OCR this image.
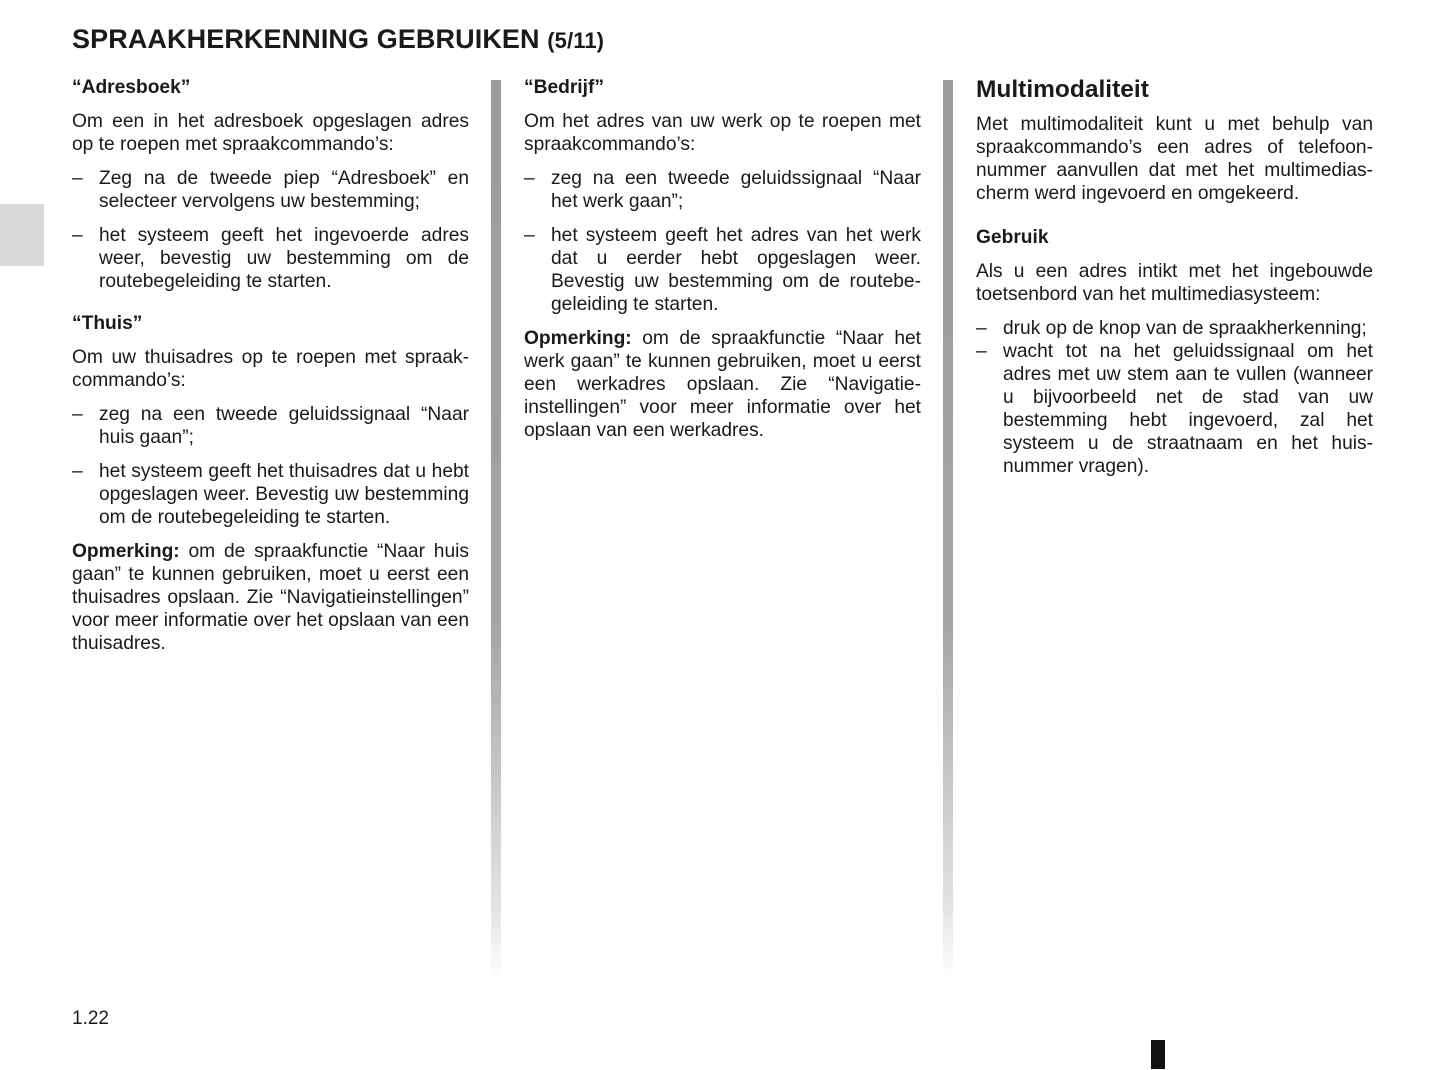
SPRAAKHERKENNING GEBRUIKEN (5/11)
“Adresboek”

Om een in het adresboek opgeslagen adres op te roepen met spraakcommando’s:

– Zeg na de tweede piep “Adresboek” en selecteer vervolgens uw bestemming;
– het systeem geeft het ingevoerde adres weer, bevestig uw bestemming om de routebegeleiding te starten.
“Thuis”

Om uw thuisadres op te roepen met spraakcommando’s:

– zeg na een tweede geluidssignaal “Naar huis gaan”;
– het systeem geeft het thuisadres dat u hebt opgeslagen weer. Bevestig uw bestemming om de routebegeleiding te starten.

Opmerking: om de spraakfunctie “Naar huis gaan” te kunnen gebruiken, moet u eerst een thuisadres opslaan. Zie “Navigatieinstellingen” voor meer informatie over het opslaan van een thuisadres.

“Bedrijf”

Om het adres van uw werk op te roepen met spraakcommando’s:

– zeg na een tweede geluidssignaal “Naar het werk gaan”;
– het systeem geeft het adres van het werk dat u eerder hebt opgeslagen weer. Bevestig uw bestemming om de routebegeleiding te starten.

Opmerking: om de spraakfunctie “Naar het werk gaan” te kunnen gebruiken, moet u eerst een werkadres opslaan. Zie “Navigatieinstellingen” voor meer informatie over het opslaan van een werkadres.

Multimodaliteit

Met multimodaliteit kunt u met behulp van spraakcommando’s een adres of telefoonnummer aanvullen dat met het multimediascherm werd ingevoerd en omgekeerd.

Gebruik

Als u een adres intikt met het ingebouwde toetsenbord van het multimediasysteem:

– druk op de knop van de spraakherkenning;
– wacht tot na het geluidssignaal om het adres met uw stem aan te vullen (wanneer u bijvoorbeeld net de stad van uw bestemming hebt ingevoerd, zal het systeem u de straatnaam en het huisnummer vragen).
1.22
